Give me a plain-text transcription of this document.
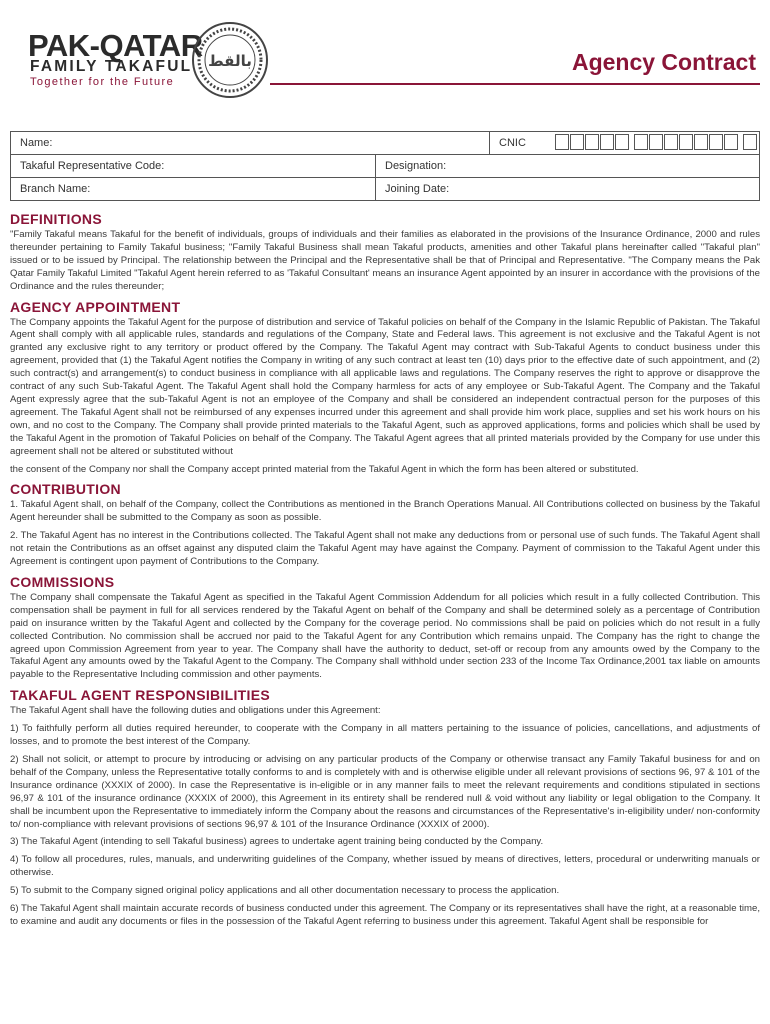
PAK-QATAR
FAMILY TAKAFUL
Together for the Future
ﺑﺎﻟﻘﻂ	Agency Contract
Name:		CNIC

Takaful Representative Code:	Designation:	
Branch Name:	Joining Date:	
DEFINITIONS

"Family Takaful means Takaful for the benefit of individuals, groups of individuals and their families as elaborated in the provisions of the Insurance Ordinance, 2000 and rules thereunder pertaining to Family Takaful business; "Family Takaful Business shall mean Takaful products, amenities and other Takaful plans hereinafter called "Takaful plan" issued or to be issued by Principal. The relationship between the Principal and the Representative shall be that of Principal and Representative. "The Company means the Pak Qatar Family Takaful Limited "Takaful Agent herein referred to as 'Takaful Consultant' means an insurance Agent appointed by an insurer in accordance with the provisions of the Ordinance and the rules thereunder;

AGENCY APPOINTMENT

The Company appoints the Takaful Agent for the purpose of distribution and service of Takaful policies on behalf of the Company in the Islamic Republic of Pakistan. The Takaful Agent shall comply with all applicable rules, standards and regulations of the Company, State and Federal laws. This agreement is not exclusive and the Takaful Agent is not granted any exclusive right to any territory or product offered by the Company. The Takaful Agent may contract with Sub-Takaful Agents to conduct business under this agreement, provided that (1) the Takaful Agent notifies the Company in writing of any such contract at least ten (10) days prior to the effective date of such appointment, and (2) such contract(s) and arrangement(s) to conduct business in compliance with all applicable laws and regulations. The Company reserves the right to approve or disapprove the contract of any such Sub-Takaful Agent. The Takaful Agent shall hold the Company harmless for acts of any employee or Sub-Takaful Agent. The Company and the Takaful Agent expressly agree that the sub-Takaful Agent is not an employee of the Company and shall be considered an independent contractual person for the purposes of this agreement. The Takaful Agent shall not be reimbursed of any expenses incurred under this agreement and shall provide him work place, supplies and set his work hours on his own, and no cost to the Company. The Company shall provide printed materials to the Takaful Agent, such as approved applications, forms and policies which shall be used by the Takaful Agent in the promotion of Takaful Policies on behalf of the Company. The Takaful Agent agrees that all printed materials provided by the Company for use under this agreement shall not be altered or substituted without

the consent of the Company nor shall the Company accept printed material from the Takaful Agent in which the form has been altered or substituted.

CONTRIBUTION

1. Takaful Agent shall, on behalf of the Company, collect the Contributions as mentioned in the Branch Operations Manual. All Contributions collected on business by the Takaful Agent hereunder shall be submitted to the Company as soon as possible.

2. The Takaful Agent has no interest in the Contributions collected. The Takaful Agent shall not make any deductions from or personal use of such funds. The Takaful Agent shall not retain the Contributions as an offset against any disputed claim the Takaful Agent may have against the Company. Payment of commission to the Takaful Agent under this Agreement is contingent upon payment of Contributions to the Company.

COMMISSIONS

The Company shall compensate the Takaful Agent as specified in the Takaful Agent Commission Addendum for all policies which result in a fully collected Contribution. This compensation shall be payment in full for all services rendered by the Takaful Agent on behalf of the Company and shall be determined solely as a percentage of Contribution paid on insurance written by the Takaful Agent and collected by the Company for the coverage period. No commissions shall be paid on policies which do not result in a fully collected Contribution. No commission shall be accrued nor paid to the Takaful Agent for any Contribution which remains unpaid. The Company has the right to change the agreed upon Commission Agreement from year to year. The Company shall have the authority to deduct, set-off or recoup from any amounts owed by the Company to the Takaful Agent any amounts owed by the Takaful Agent to the Company. The Company shall withhold under section 233 of the Income Tax Ordinance,2001 tax liable on amounts payable to the Representative Including commission and other payments.

TAKAFUL AGENT RESPONSIBILITIES

The Takaful Agent shall have the following duties and obligations under this Agreement:

1) To faithfully perform all duties required hereunder, to cooperate with the Company in all matters pertaining to the issuance of policies, cancellations, and adjustments of losses, and to promote the best interest of the Company.

2) Shall not solicit, or attempt to procure by introducing or advising on any particular products of the Company or otherwise transact any Family Takaful business for and on behalf of the Company, unless the Representative totally conforms to and is completely with and is otherwise eligible under all relevant provisions of sections 96, 97 & 101 of the Insurance ordinance (XXXIX of 2000). In case the Representative is in-eligible or in any manner fails to meet the relevant requirements and conditions stipulated in sections 96,97 & 101 of the insurance ordinance (XXXIX of 2000), this Agreement in its entirety shall be rendered null & void without any liability or legal obligation to the Company. It shall be incumbent upon the Representative to immediately inform the Company about the reasons and circumstances of the Representative's in-eligibility under/ non-conformity to/ non-compliance with relevant provisions of sections 96,97 & 101 of the Insurance Ordinance (XXXIX of 2000).

3) The Takaful Agent (intending to sell Takaful business) agrees to undertake agent training being conducted by the Company.

4) To follow all procedures, rules, manuals, and underwriting guidelines of the Company, whether issued by means of directives, letters, procedural or underwriting manuals or otherwise.

5) To submit to the Company signed original policy applications and all other documentation necessary to process the application.

6) The Takaful Agent shall maintain accurate records of business conducted under this agreement. The Company or its representatives shall have the right, at a reasonable time, to examine and audit any documents or files in the possession of the Takaful Agent referring to business under this agreement. Takaful Agent shall be responsible for
